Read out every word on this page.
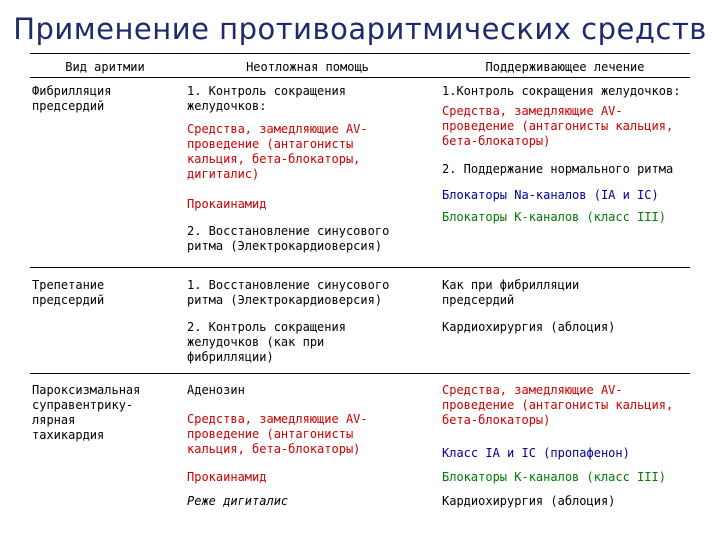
Применение противоаритмических средств
Вид аритмии	Неотложная помощь	Поддерживающее лечение
Фибрилляция
предсердий
1. Контроль сокращения
желудочков:
Средства, замедляющие AV-
проведение (антагонисты
кальция, бета-блокаторы,
дигиталис)
Прокаинамид
2. Восстановление синусового
ритма (Электрокардиоверсия)
1.Контроль сокращения желудочков:
Средства, замедляющие AV-
проведение (антагонисты кальция,
бета-блокаторы)
2. Поддержание нормального ритма
Блокаторы Na-каналов (IA и IC)
Блокаторы K-каналов (класс III)
Трепетание
предсердий
1. Восстановление синусового
ритма (Электрокардиоверсия)
2. Контроль сокращения
желудочков (как при
фибрилляции)
Как при фибрилляции
предсердий
Кардиохирургия (аблоция)
Пароксизмальная
суправентрику-
лярная
тахикардия
Аденозин
Средства, замедляющие AV-
проведение (антагонисты
кальция, бета-блокаторы)
Прокаинамид
Реже дигиталис
Средства, замедляющие AV-
проведение (антагонисты кальция,
бета-блокаторы)
Класс IA и IC (пропафенон)
Блокаторы K-каналов (класс III)
Кардиохирургия (аблоция)
